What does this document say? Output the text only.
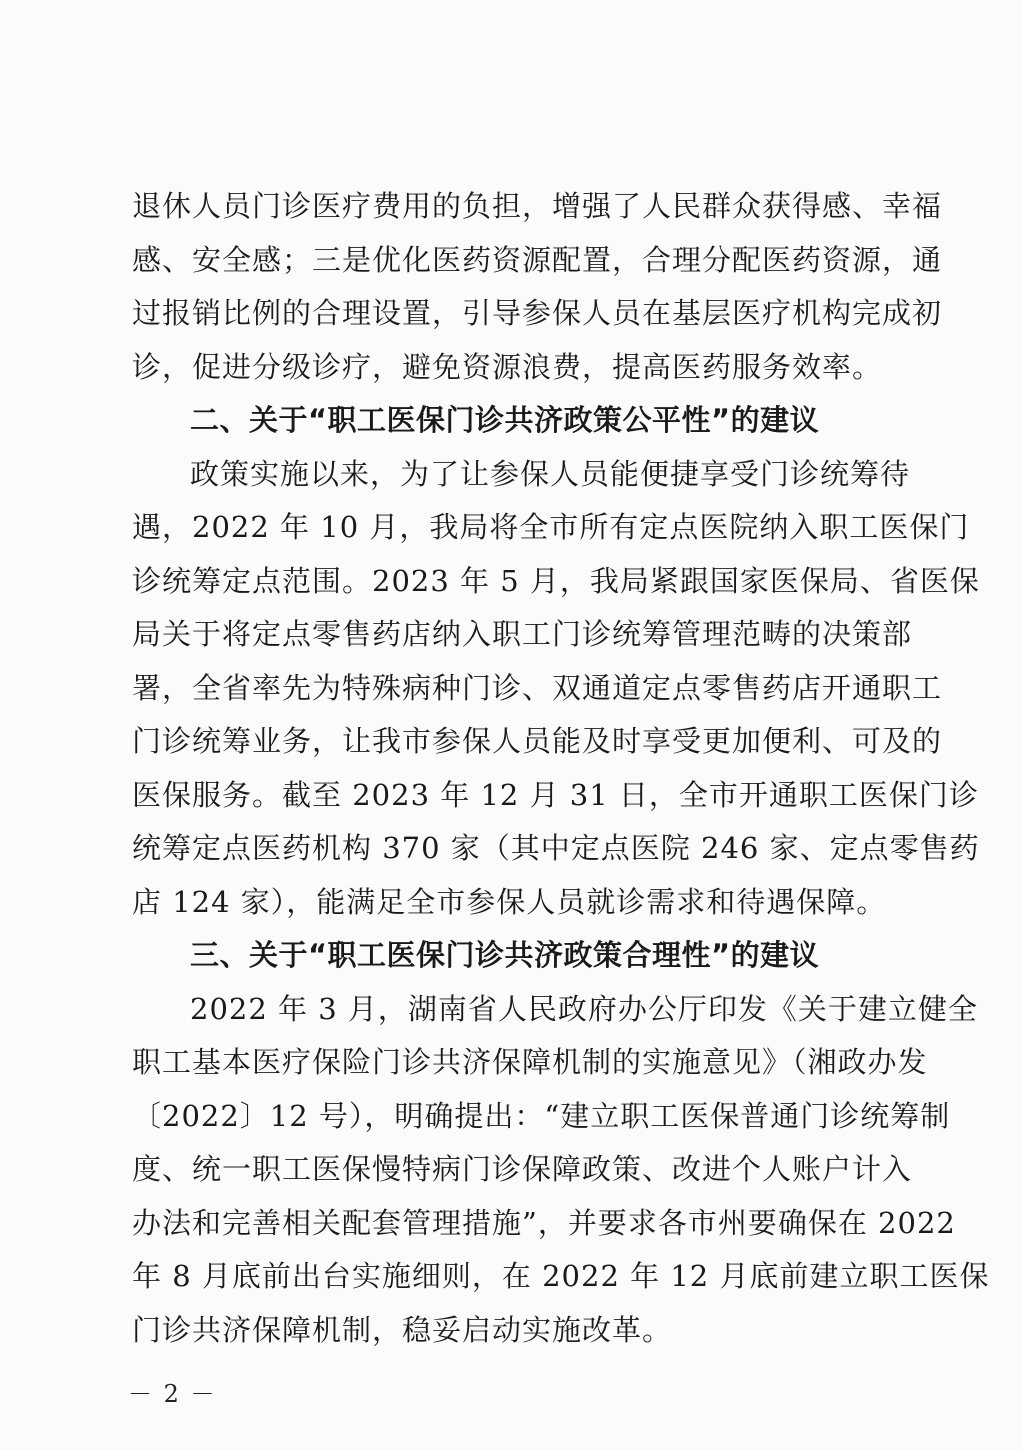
退休人员门诊医疗费用的负担，增强了人民群众获得感、幸福
感、安全感；三是优化医药资源配置，合理分配医药资源，通
过报销比例的合理设置，引导参保人员在基层医疗机构完成初
诊，促进分级诊疗，避免资源浪费，提高医药服务效率。
二、关于“职工医保门诊共济政策公平性”的建议
政策实施以来，为了让参保人员能便捷享受门诊统筹待
遇，2022 年 10 月，我局将全市所有定点医院纳入职工医保门
诊统筹定点范围。2023 年 5 月，我局紧跟国家医保局、省医保
局关于将定点零售药店纳入职工门诊统筹管理范畴的决策部
署，全省率先为特殊病种门诊、双通道定点零售药店开通职工
门诊统筹业务，让我市参保人员能及时享受更加便利、可及的
医保服务。截至 2023 年 12 月 31 日，全市开通职工医保门诊
统筹定点医药机构 370 家（其中定点医院 246 家、定点零售药
店 124 家），能满足全市参保人员就诊需求和待遇保障。
三、关于“职工医保门诊共济政策合理性”的建议
2022 年 3 月，湖南省人民政府办公厅印发《关于建立健全
职工基本医疗保险门诊共济保障机制的实施意见》（湘政办发
〔2022〕12 号），明确提出：“建立职工医保普通门诊统筹制
度、统一职工医保慢特病门诊保障政策、改进个人账户计入
办法和完善相关配套管理措施”，并要求各市州要确保在 2022
年 8 月底前出台实施细则，在 2022 年 12 月底前建立职工医保
门诊共济保障机制，稳妥启动实施改革。
－ 2 －
